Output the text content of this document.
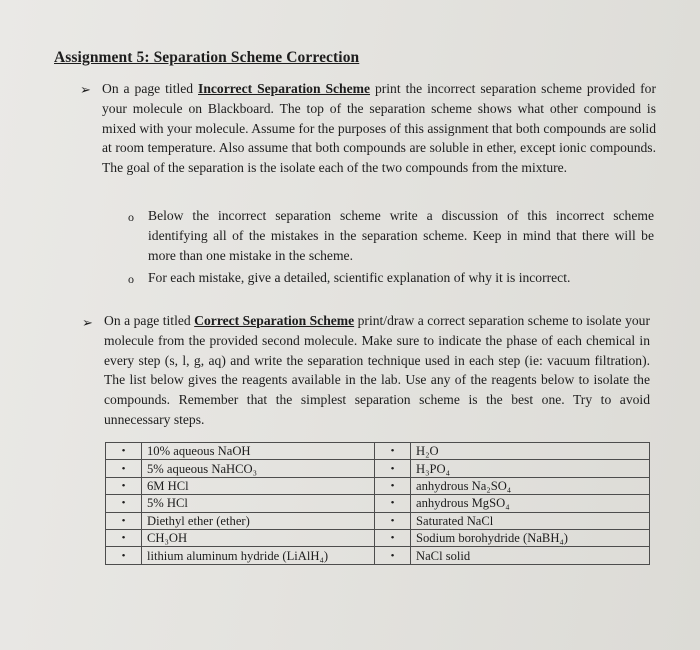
Assignment 5: Separation Scheme Correction
➢ On a page titled Incorrect Separation Scheme print the incorrect separation scheme provided for your molecule on Blackboard. The top of the separation scheme shows what other compound is mixed with your molecule. Assume for the purposes of this assignment that both compounds are solid at room temperature. Also assume that both compounds are soluble in ether, except ionic compounds. The goal of the separation is the isolate each of the two compounds from the mixture.
o Below the incorrect separation scheme write a discussion of this incorrect scheme identifying all of the mistakes in the separation scheme. Keep in mind that there will be more than one mistake in the scheme.
o For each mistake, give a detailed, scientific explanation of why it is incorrect.
➢ On a page titled Correct Separation Scheme print/draw a correct separation scheme to isolate your molecule from the provided second molecule. Make sure to indicate the phase of each chemical in every step (s, l, g, aq) and write the separation technique used in each step (ie: vacuum filtration). The list below gives the reagents available in the lab. Use any of the reagents below to isolate the compounds. Remember that the simplest separation scheme is the best one. Try to avoid unnecessary steps.
•	10% aqueous NaOH	•	H₂O
•	5% aqueous NaHCO₃	•	H₃PO₄
•	6M HCl	•	anhydrous Na₂SO₄
•	5% HCl	•	anhydrous MgSO₄
•	Diethyl ether (ether)	•	Saturated NaCl
•	CH₃OH	•	Sodium borohydride (NaBH₄)
•	lithium aluminum hydride (LiAlH₄)	•	NaCl solid
